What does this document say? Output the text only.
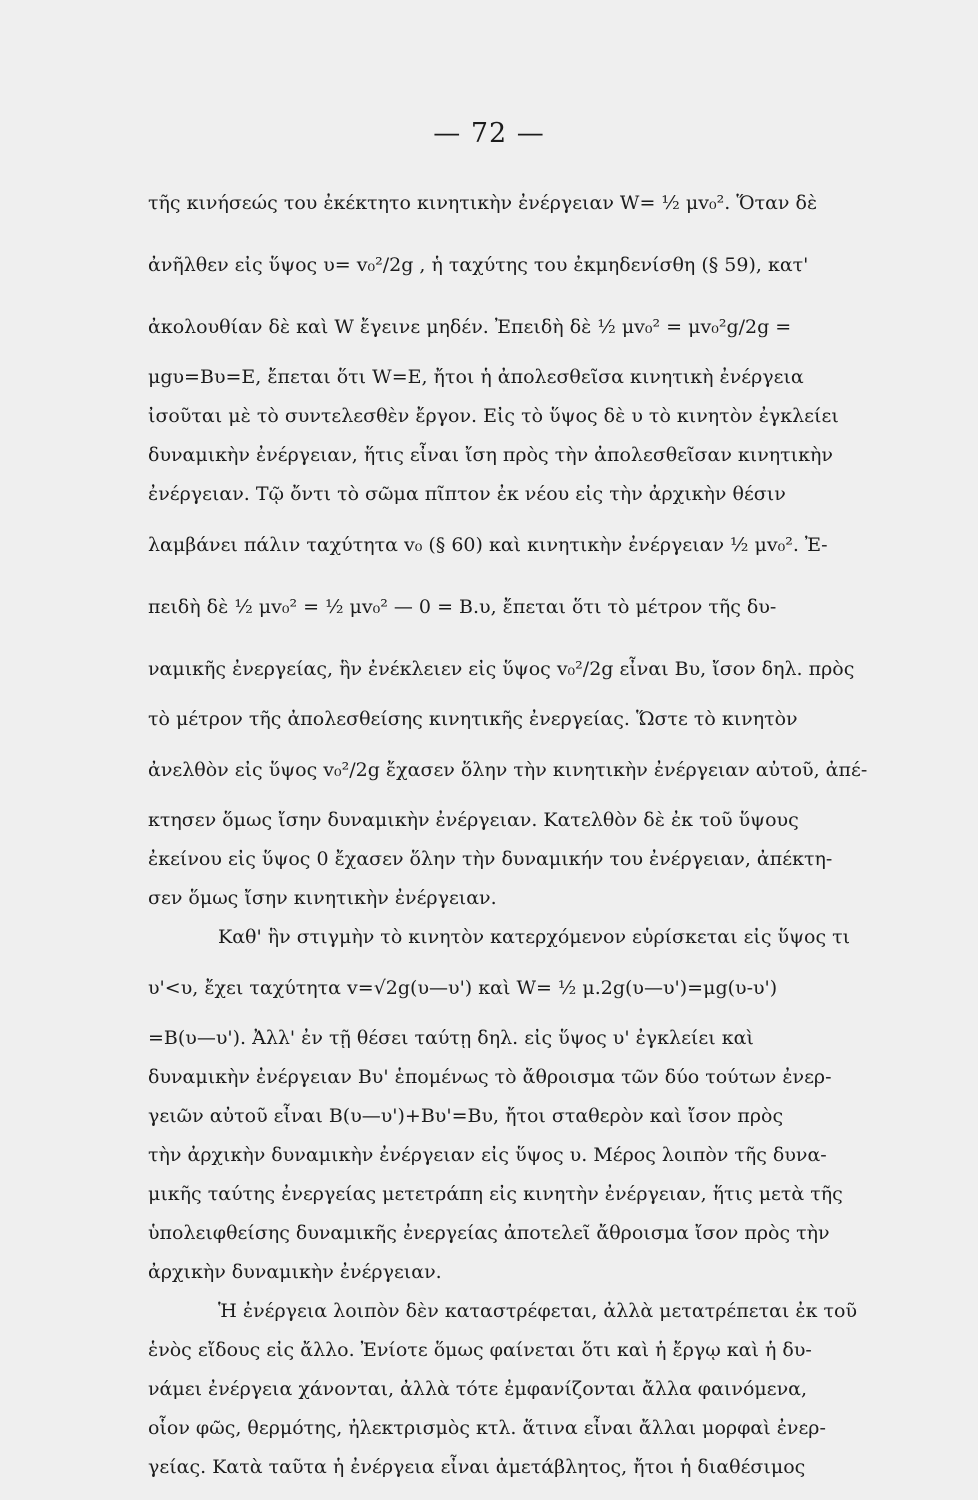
— 72 —
τῆς κινήσεώς του ἐκέκτητο κινητικὴν ἐνέργειαν W= ½ μv₀². Ὅταν δὲ
ἀνῆλθεν εἰς ὕψος υ= v₀²/2g , ἡ ταχύτης του ἐκμηδενίσθη (§ 59), κατ'
ἀκολουθίαν δὲ καὶ W ἔγεινε μηδέν. Ἐπειδὴ δὲ ½ μv₀² = μv₀²g/2g =
μgυ=Bυ=E, ἔπεται ὅτι W=E, ἤτοι ἡ ἀπολεσθεῖσα κινητικὴ ἐνέργεια
ἰσοῦται μὲ τὸ συντελεσθὲν ἔργον. Εἰς τὸ ὕψος δὲ υ τὸ κινητὸν ἐγκλείει
δυναμικὴν ἐνέργειαν, ἥτις εἶναι ἴση πρὸς τὴν ἀπολεσθεῖσαν κινητικὴν
ἐνέργειαν. Τῷ ὄντι τὸ σῶμα πῖπτον ἐκ νέου εἰς τὴν ἀρχικὴν θέσιν
λαμβάνει πάλιν ταχύτητα v₀ (§ 60) καὶ κινητικὴν ἐνέργειαν ½ μv₀². Ἐ-
πειδὴ δὲ ½ μv₀² = ½ μv₀² — 0 = B.υ, ἔπεται ὅτι τὸ μέτρον τῆς δυ-
ναμικῆς ἐνεργείας, ἣν ἐνέκλειεν εἰς ὕψος v₀²/2g εἶναι Bυ, ἴσον δηλ. πρὸς
τὸ μέτρον τῆς ἀπολεσθείσης κινητικῆς ἐνεργείας. Ὥστε τὸ κινητὸν
ἀνελθὸν εἰς ὕψος v₀²/2g ἔχασεν ὅλην τὴν κινητικὴν ἐνέργειαν αὐτοῦ, ἀπέ-
κτησεν ὅμως ἴσην δυναμικὴν ἐνέργειαν. Κατελθὸν δὲ ἐκ τοῦ ὕψους
ἐκείνου εἰς ὕψος 0 ἔχασεν ὅλην τὴν δυναμικήν του ἐνέργειαν, ἀπέκτη-
σεν ὅμως ἴσην κινητικὴν ἐνέργειαν.
Καθ' ἣν στιγμὴν τὸ κινητὸν κατερχόμενον εὑρίσκεται εἰς ὕψος τι
υ'<υ, ἔχει ταχύτητα v=√2g(υ—υ') καὶ W= ½ μ.2g(υ—υ')=μg(υ-υ')
=B(υ—υ'). Ἀλλ' ἐν τῇ θέσει ταύτῃ δηλ. εἰς ὕψος υ' ἐγκλείει καὶ
δυναμικὴν ἐνέργειαν Bυ' ἑπομένως τὸ ἄθροισμα τῶν δύο τούτων ἐνερ-
γειῶν αὐτοῦ εἶναι B(υ—υ')+Bυ'=Bυ, ἤτοι σταθερὸν καὶ ἴσον πρὸς
τὴν ἀρχικὴν δυναμικὴν ἐνέργειαν εἰς ὕψος υ. Μέρος λοιπὸν τῆς δυνα-
μικῆς ταύτης ἐνεργείας μετετράπη εἰς κινητὴν ἐνέργειαν, ἥτις μετὰ τῆς
ὑπολειφθείσης δυναμικῆς ἐνεργείας ἀποτελεῖ ἄθροισμα ἴσον πρὸς τὴν
ἀρχικὴν δυναμικὴν ἐνέργειαν.
Ἡ ἐνέργεια λοιπὸν δὲν καταστρέφεται, ἀλλὰ μετατρέπεται ἐκ τοῦ
ἑνὸς εἴδους εἰς ἄλλο. Ἐνίοτε ὅμως φαίνεται ὅτι καὶ ἡ ἔργῳ καὶ ἡ δυ-
νάμει ἐνέργεια χάνονται, ἀλλὰ τότε ἐμφανίζονται ἄλλα φαινόμενα,
οἷον φῶς, θερμότης, ἠλεκτρισμὸς κτλ. ἅτινα εἶναι ἄλλαι μορφαὶ ἐνερ-
γείας. Κατὰ ταῦτα ἡ ἐνέργεια εἶναι ἀμετάβλητος, ἤτοι ἡ διαθέσιμος
